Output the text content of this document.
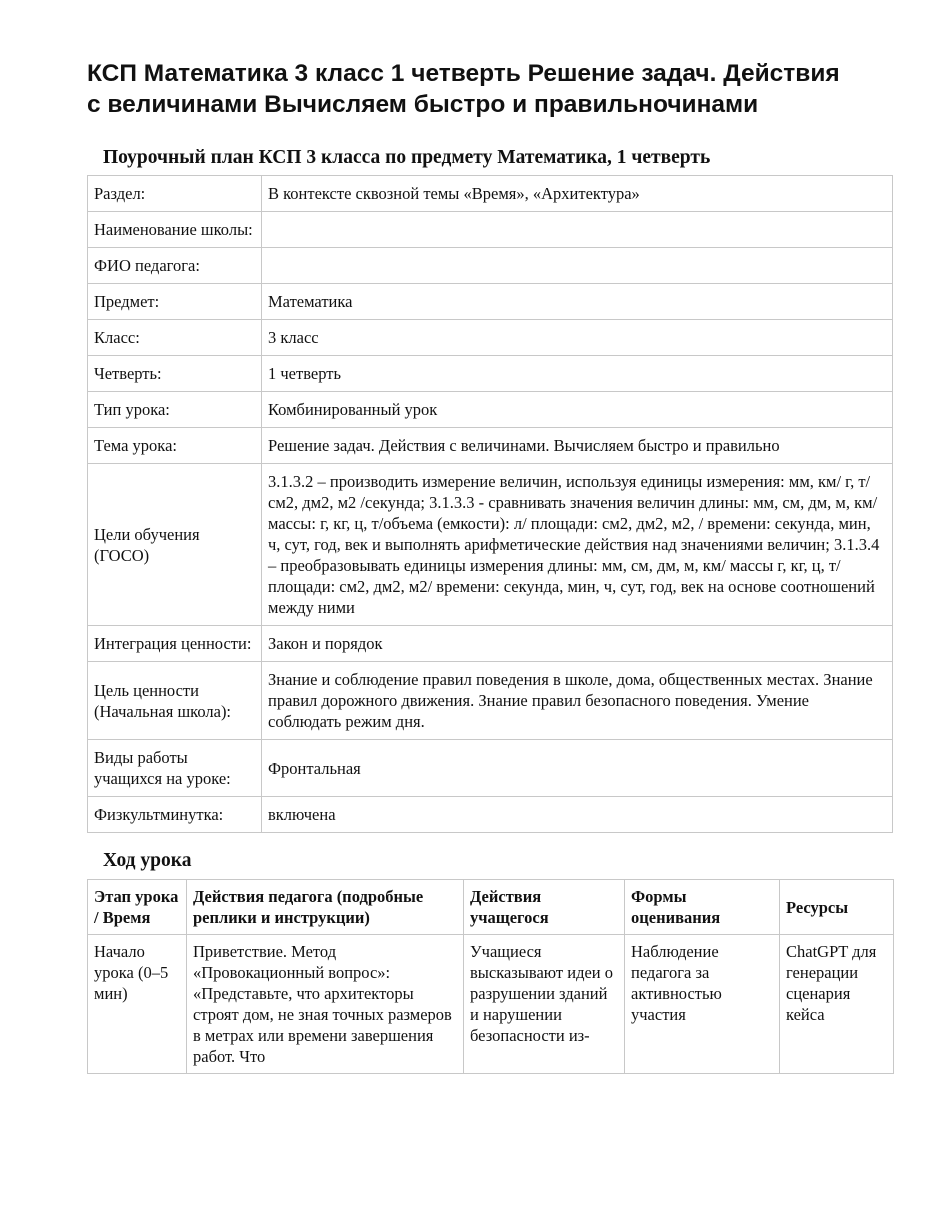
КСП Математика 3 класс 1 четверть Решение задач. Действия с величинами Вычисляем быстро и правильночинами
Поурочный план КСП 3 класса по предмету Математика, 1 четверть
Раздел:	В контексте сквозной темы «Время», «Архитектура»
Наименование школы:	
ФИО педагога:	
Предмет:	Математика
Класс:	3 класс
Четверть:	1 четверть
Тип урока:	Комбинированный урок
Тема урока:	Решение задач. Действия с величинами. Вычисляем быстро и правильно
Цели обучения (ГОСО)	3.1.3.2 – производить измерение величин, используя единицы измерения: мм, км/ г, т/см2, дм2, м2 /секунда; 3.1.3.3 - сравнивать значения величин длины: мм, см, дм, м, км/массы: г, кг, ц, т/объема (емкости): л/ площади: см2, дм2, м2, / времени: секунда, мин, ч, сут, год, век и выполнять арифметические действия над значениями величин; 3.1.3.4 – преобразовывать единицы измерения длины: мм, см, дм, м, км/ массы г, кг, ц, т/ площади: см2, дм2, м2/ времени: секунда, мин, ч, сут, год, век на основе соотношений между ними
Интеграция ценности:	Закон и порядок
Цель ценности (Начальная школа):	Знание и соблюдение правил поведения в школе, дома, общественных местах. Знание правил дорожного движения. Знание правил безопасного поведения. Умение соблюдать режим дня.
Виды работы учащихся на уроке:	Фронтальная
Физкультминутка:	включена
Ход урока
Этап урока / Время	Действия педагога (подробные реплики и инструкции)	Действия учащегося	Формы оценивания	Ресурсы
Начало урока (0–5 мин)	Приветствие. Метод «Провокационный вопрос»: «Представьте, что архитекторы строят дом, не зная точных размеров в метрах или времени завершения работ. Что	Учащиеся высказывают идеи о разрушении зданий и нарушении безопасности из-	Наблюдение педагога за активностью участия	ChatGPT для генерации сценария кейса
